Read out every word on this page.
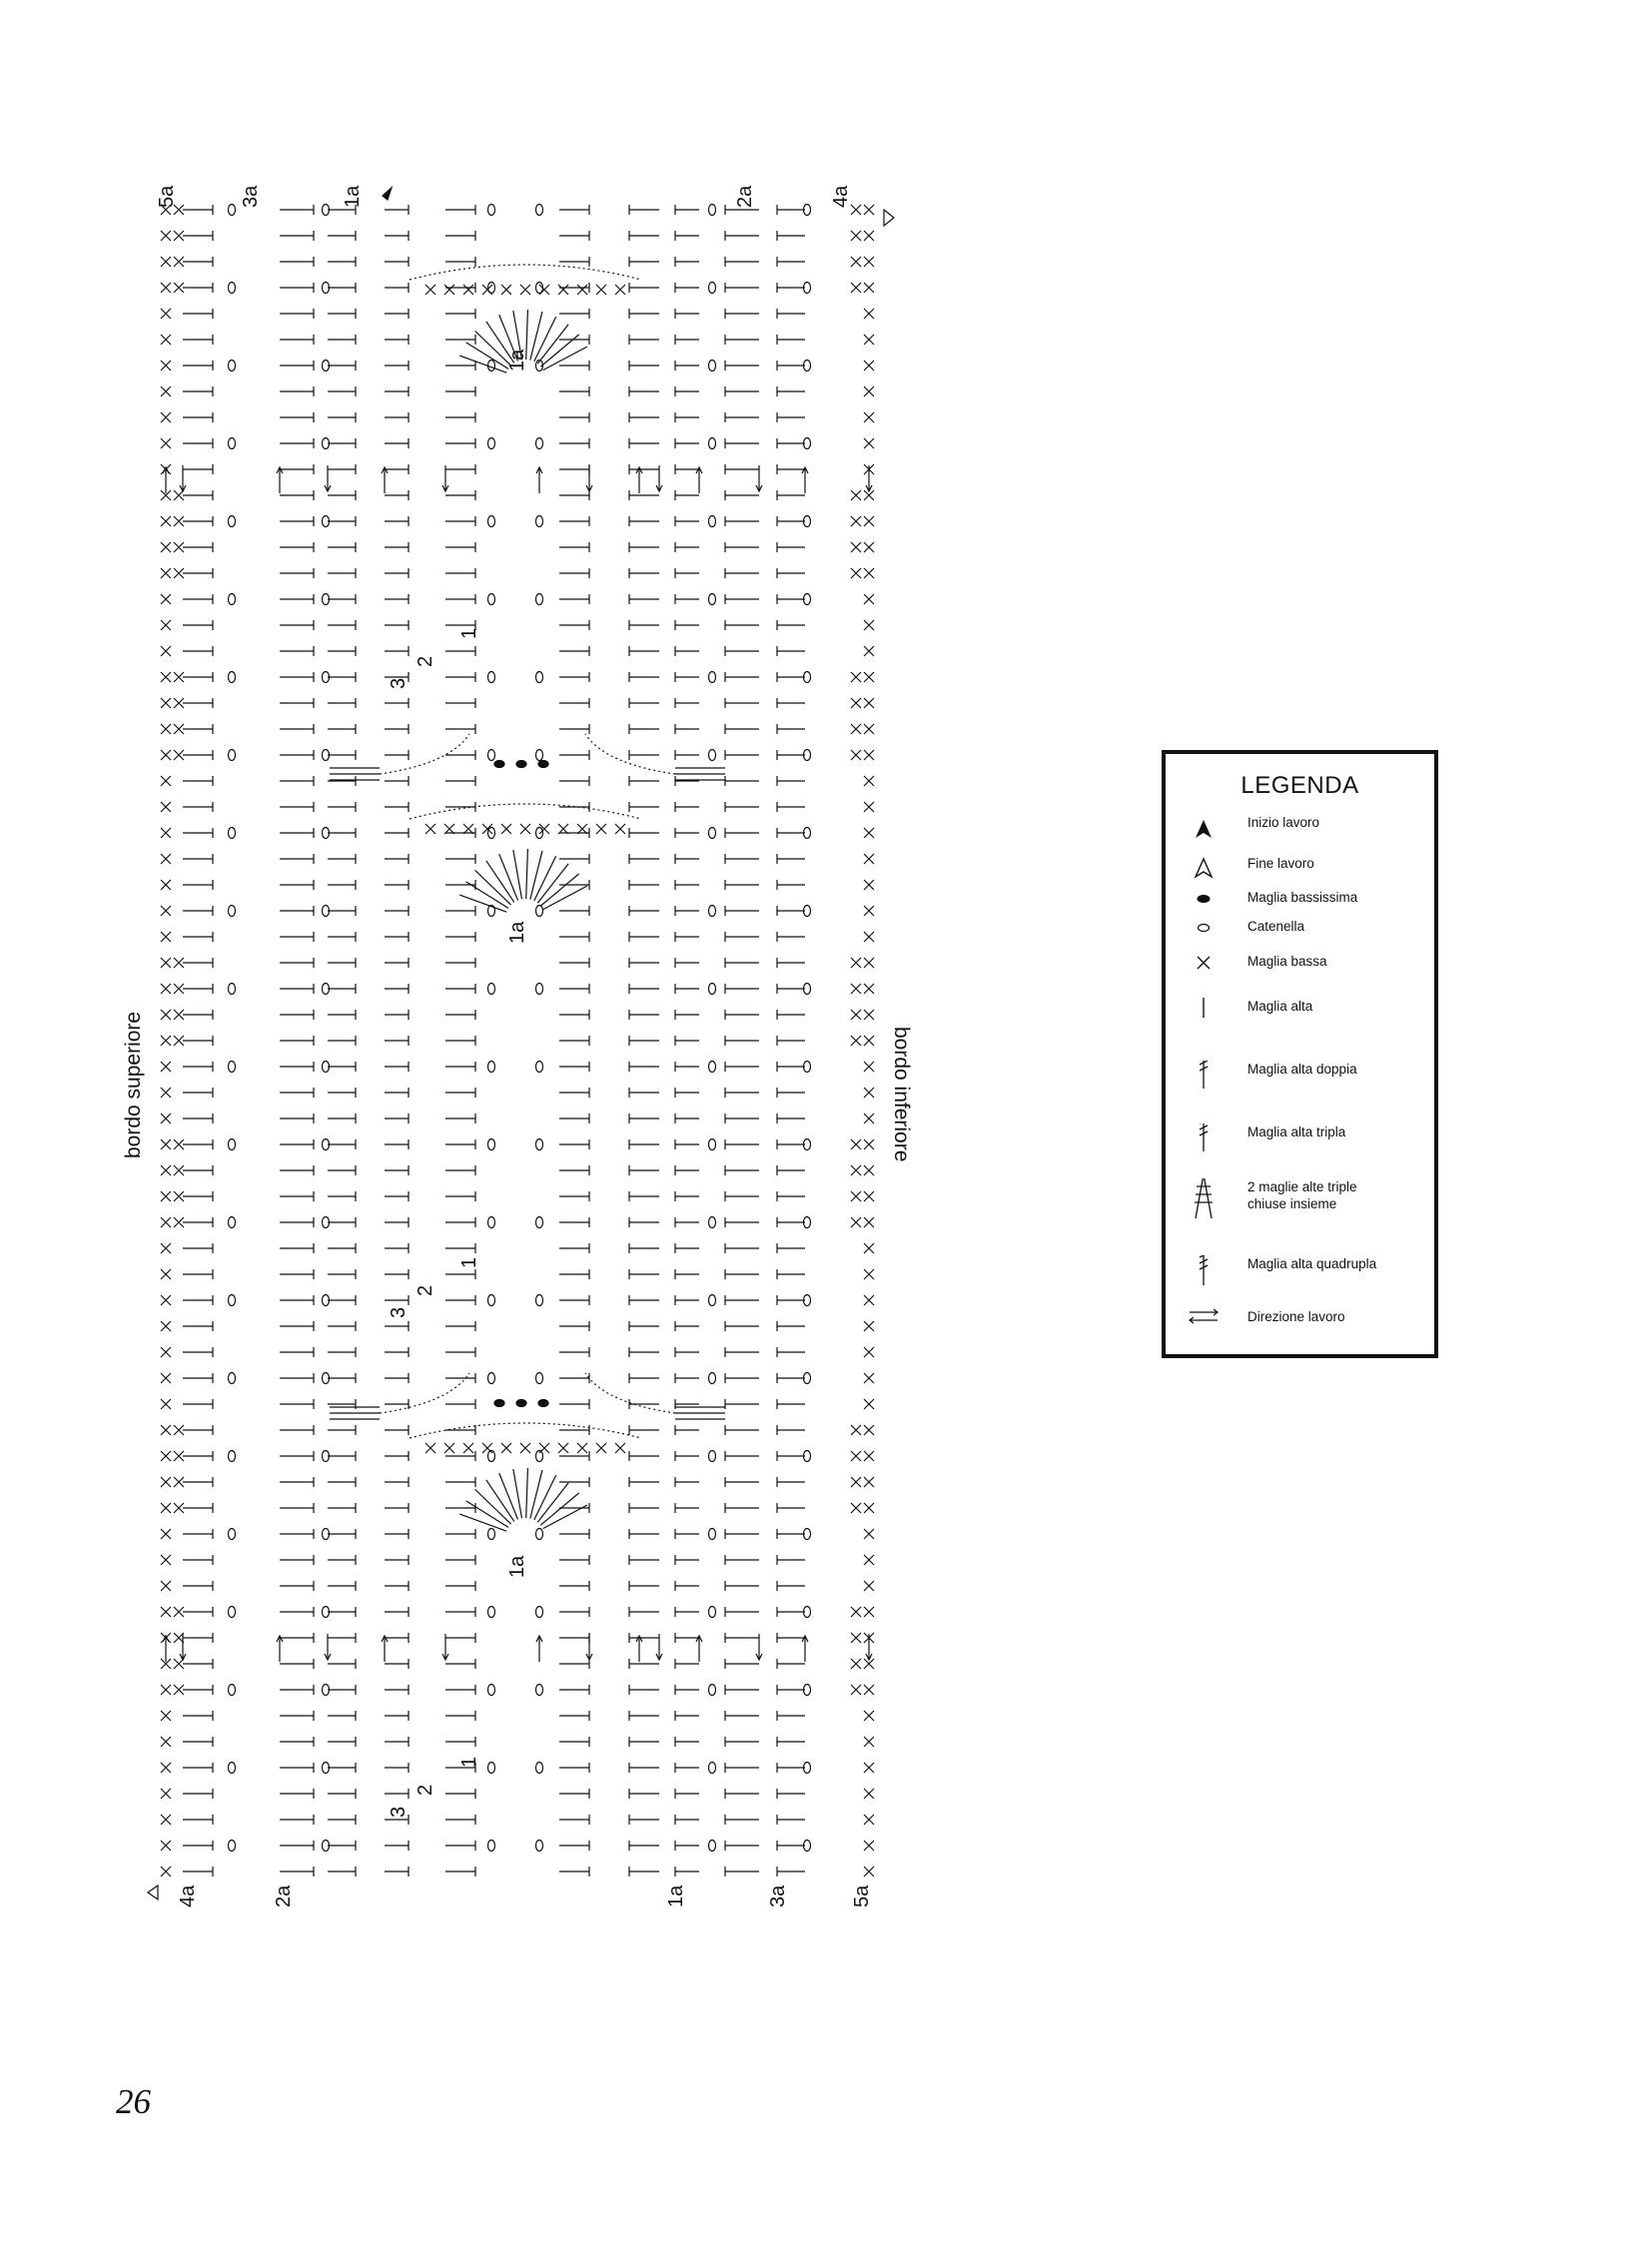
bordo superiore	bordo inferiore
5a	3a	1a	2a	4a
4a	2a	1a	3a	5a
1a
1a
1a
1
2
3
1
2
3
1
2
3
LEGENDA
Inizio lavoro
Fine lavoro
Maglia bassissima
Catenella
Maglia bassa
Maglia alta
Maglia alta doppia
Maglia alta tripla
2 maglie alte triple
chiuse insieme
Maglia alta quadrupla
Direzione lavoro
26
